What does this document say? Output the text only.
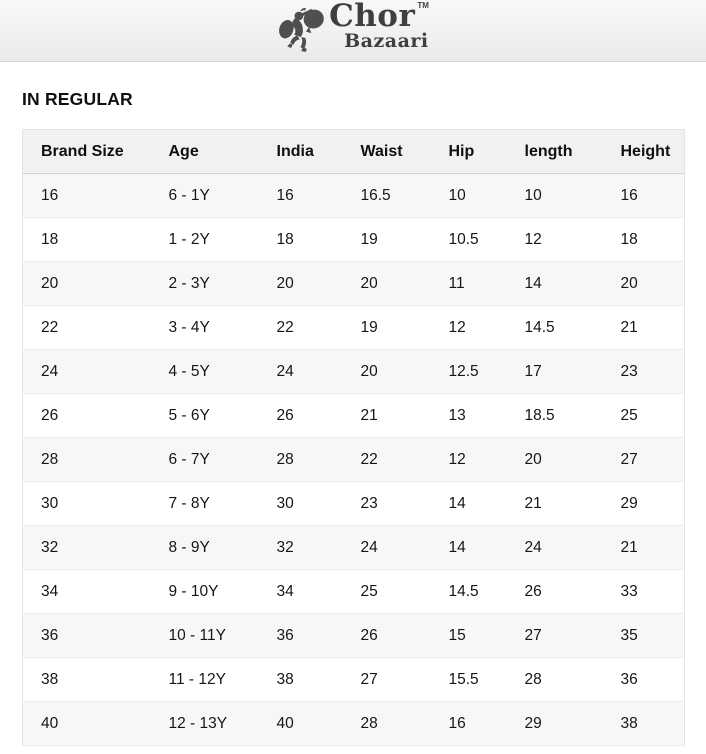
Chor TM
Bazaari
IN REGULAR
Brand Size	Age	India	Waist	Hip	length	Height
16	6 - 1Y	16	16.5	10	10	16
18	1 - 2Y	18	19	10.5	12	18
20	2 - 3Y	20	20	11	14	20
22	3 - 4Y	22	19	12	14.5	21
24	4 - 5Y	24	20	12.5	17	23
26	5 - 6Y	26	21	13	18.5	25
28	6 - 7Y	28	22	12	20	27
30	7 - 8Y	30	23	14	21	29
32	8 - 9Y	32	24	14	24	21
34	9 - 10Y	34	25	14.5	26	33
36	10 - 11Y	36	26	15	27	35
38	11 - 12Y	38	27	15.5	28	36
40	12 - 13Y	40	28	16	29	38
